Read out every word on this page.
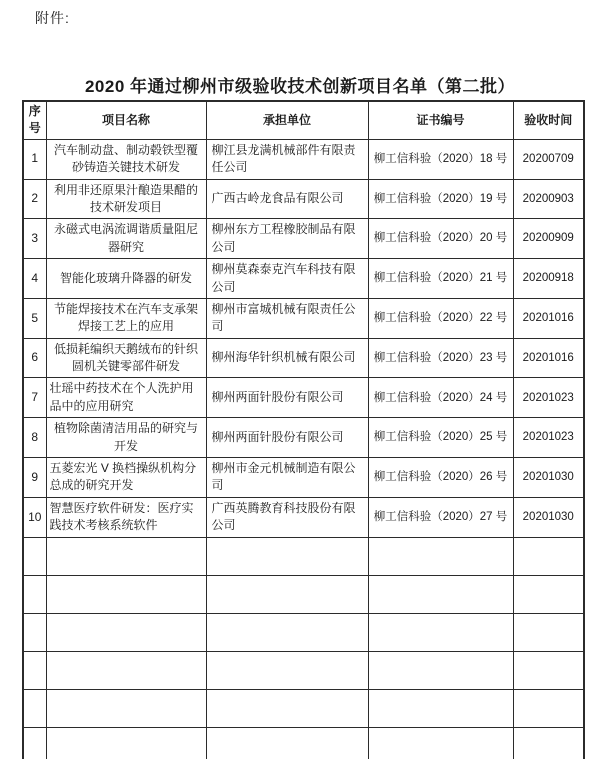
附件:
2020 年通过柳州市级验收技术创新项目名单（第二批）
序号	项目名称	承担单位	证书编号	验收时间
1	汽车制动盘、制动毂铁型覆砂铸造关键技术研发	柳江县龙满机械部件有限责任公司	柳工信科验（2020）18 号	20200709
2	利用非还原果汁酿造果醋的技术研发项目	广西古岭龙食品有限公司	柳工信科验（2020）19 号	20200903
3	永磁式电涡流调谐质量阻尼器研究	柳州东方工程橡胶制品有限公司	柳工信科验（2020）20 号	20200909
4	智能化玻璃升降器的研发	柳州莫森泰克汽车科技有限公司	柳工信科验（2020）21 号	20200918
5	节能焊接技术在汽车支承架焊接工艺上的应用	柳州市富城机械有限责任公司	柳工信科验（2020）22 号	20201016
6	低损耗编织天鹅绒布的针织圆机关键零部件研发	柳州海华针织机械有限公司	柳工信科验（2020）23 号	20201016
7	壮瑶中药技术在个人洗护用品中的应用研究	柳州两面针股份有限公司	柳工信科验（2020）24 号	20201023
8	植物除菌清洁用品的研究与开发	柳州两面针股份有限公司	柳工信科验（2020）25 号	20201023
9	五菱宏光 V 换档操纵机构分总成的研究开发	柳州市金元机械制造有限公司	柳工信科验（2020）26 号	20201030
10	智慧医疗软件研发：医疗实践技术考核系统软件	广西英腾教育科技股份有限公司	柳工信科验（2020）27 号	20201030
